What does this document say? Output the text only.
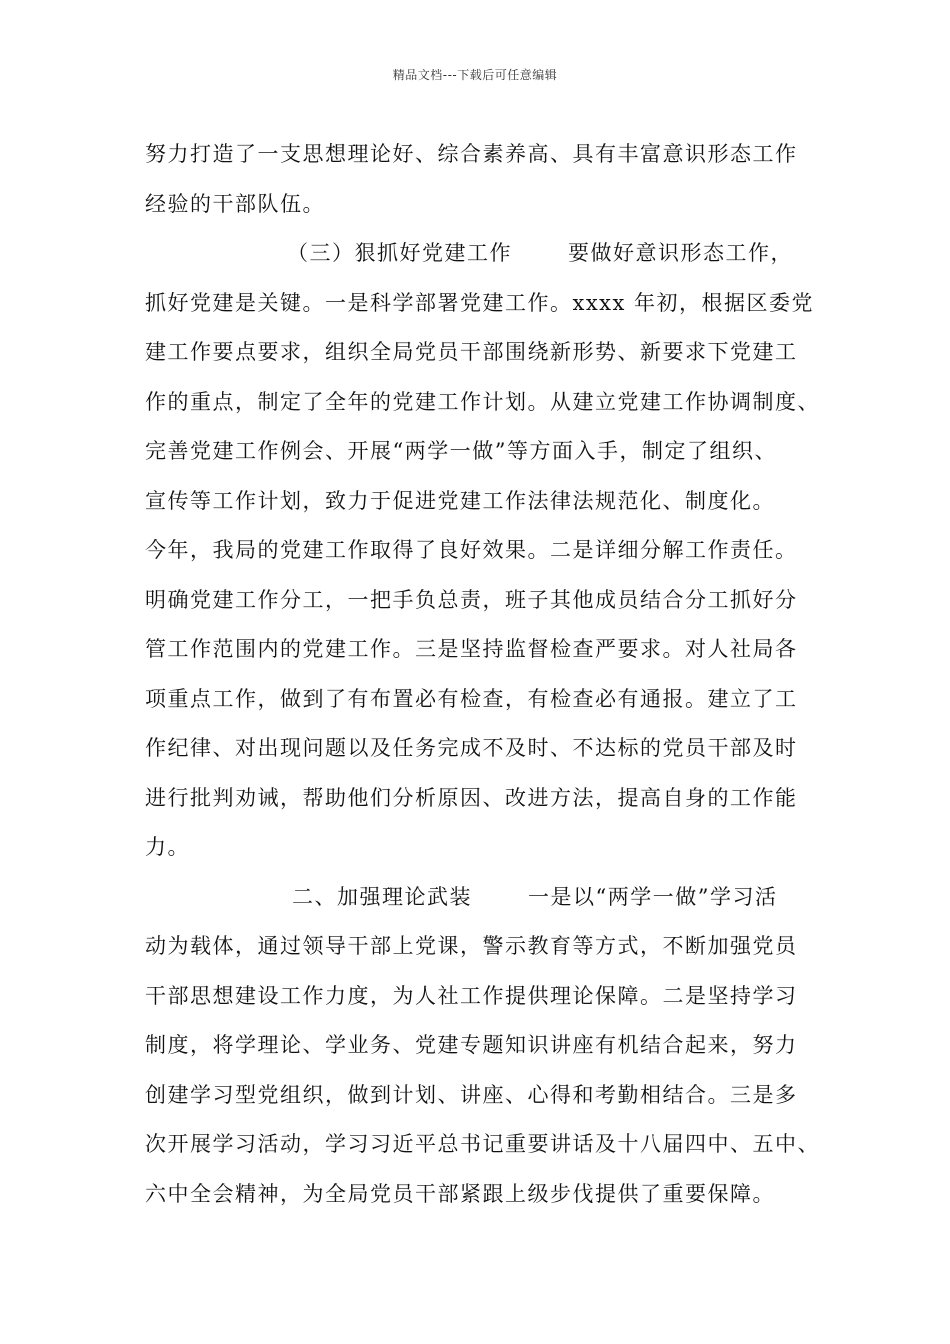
精品文档---下载后可任意编辑
努力打造了一支思想理论好、综合素养高、具有丰富意识形态工作
经验的干部队伍。
（三）狠抓好党建工作	要做好意识形态工作，
抓好党建是关键。一是科学部署党建工作。xxxx 年初，根据区委党
建工作要点要求，组织全局党员干部围绕新形势、新要求下党建工
作的重点，制定了全年的党建工作计划。从建立党建工作协调制度、
完善党建工作例会、开展“两学一做”等方面入手，制定了组织、
宣传等工作计划，致力于促进党建工作法律法规范化、制度化。
今年，我局的党建工作取得了良好效果。二是详细分解工作责任。
明确党建工作分工，一把手负总责，班子其他成员结合分工抓好分
管工作范围内的党建工作。三是坚持监督检查严要求。对人社局各
项重点工作，做到了有布置必有检查，有检查必有通报。建立了工
作纪律、对出现问题以及任务完成不及时、不达标的党员干部及时
进行批判劝诫，帮助他们分析原因、改进方法，提高自身的工作能
力。
二、加强理论武装	一是以“两学一做”学习活
动为载体，通过领导干部上党课，警示教育等方式，不断加强党员
干部思想建设工作力度，为人社工作提供理论保障。二是坚持学习
制度，将学理论、学业务、党建专题知识讲座有机结合起来，努力
创建学习型党组织，做到计划、讲座、心得和考勤相结合。三是多
次开展学习活动，学习习近平总书记重要讲话及十八届四中、五中、
六中全会精神，为全局党员干部紧跟上级步伐提供了重要保障。
